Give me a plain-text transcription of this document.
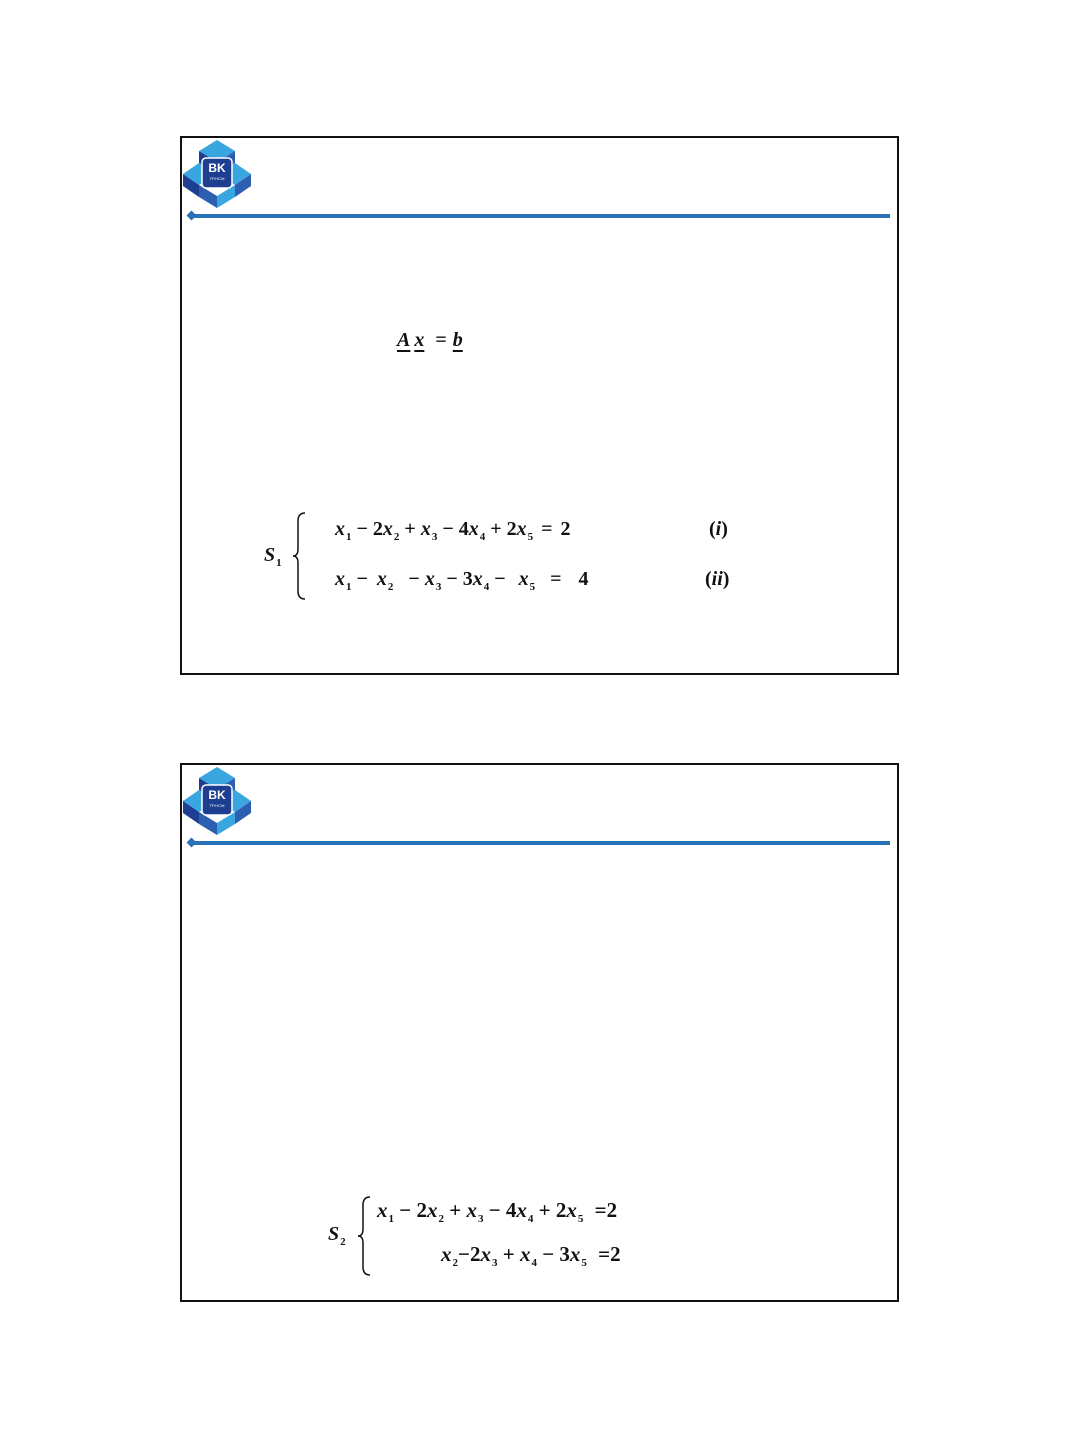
BK
TP.HCM
A x = b
$S_1$
$x_1 - 2x_2 + x_3 - 4x_4 + 2x_5 = 2$	(i)
$x_1 - x_2 - x_3 - 3x_4 - x_5 = 4$	(ii)
BK
TP.HCM
$S_2$
$x_1 - 2x_2 + x_3 - 4x_4 + 2x_5 =2$
$x_2-2x_3 + x_4 - 3x_5 =2$
